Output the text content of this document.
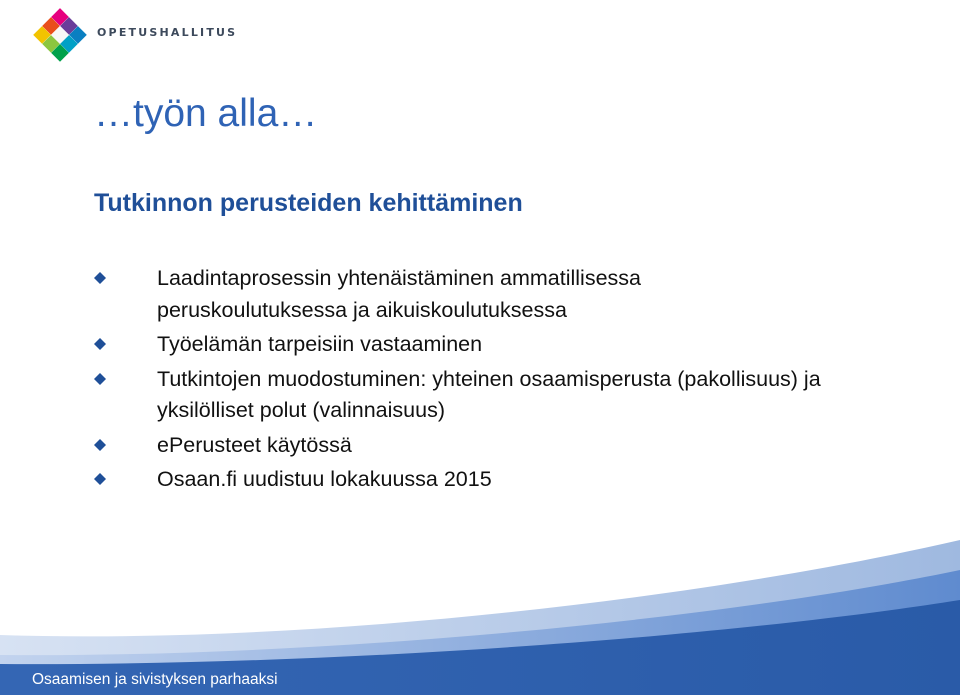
OPETUSHALLITUS
…työn alla…
Tutkinnon perusteiden kehittäminen
Laadintaprosessin yhtenäistäminen ammatillisessa
peruskoulutuksessa ja aikuiskoulutuksessa
Työelämän tarpeisiin vastaaminen
Tutkintojen muodostuminen: yhteinen osaamisperusta (pakollisuus) ja
yksilölliset polut (valinnaisuus)
ePerusteet käytössä
Osaan.fi uudistuu lokakuussa 2015
Osaamisen ja sivistyksen parhaaksi
